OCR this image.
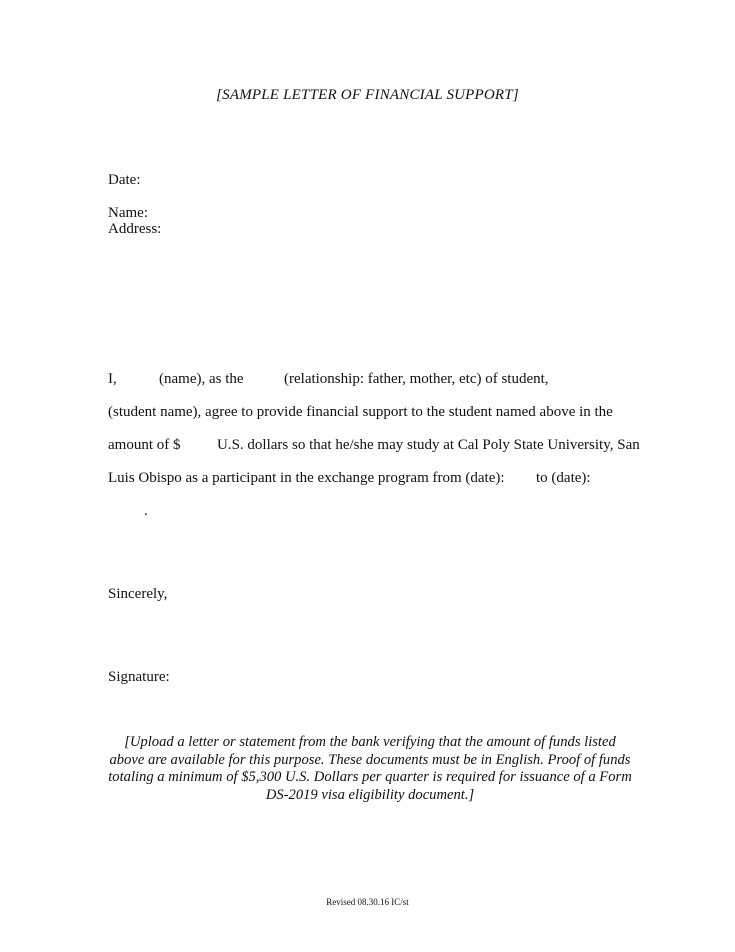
[SAMPLE LETTER OF FINANCIAL SUPPORT]
Date:
Name:
Address:
I,	(name), as the	(relationship: father, mother, etc) of student,
(student name), agree to provide financial support to the student named above in the
amount of $ U.S. dollars so that he/she may study at Cal Poly State University, San
Luis Obispo as a participant in the exchange program from (date): to (date):
.
Sincerely,
Signature:
[Upload a letter or statement from the bank verifying that the amount of funds listed
above are available for this purpose. These documents must be in English. Proof of funds
totaling a minimum of $5,300 U.S. Dollars per quarter is required for issuance of a Form
DS-2019 visa eligibility document.]
Revised 08.30.16 IC/st
